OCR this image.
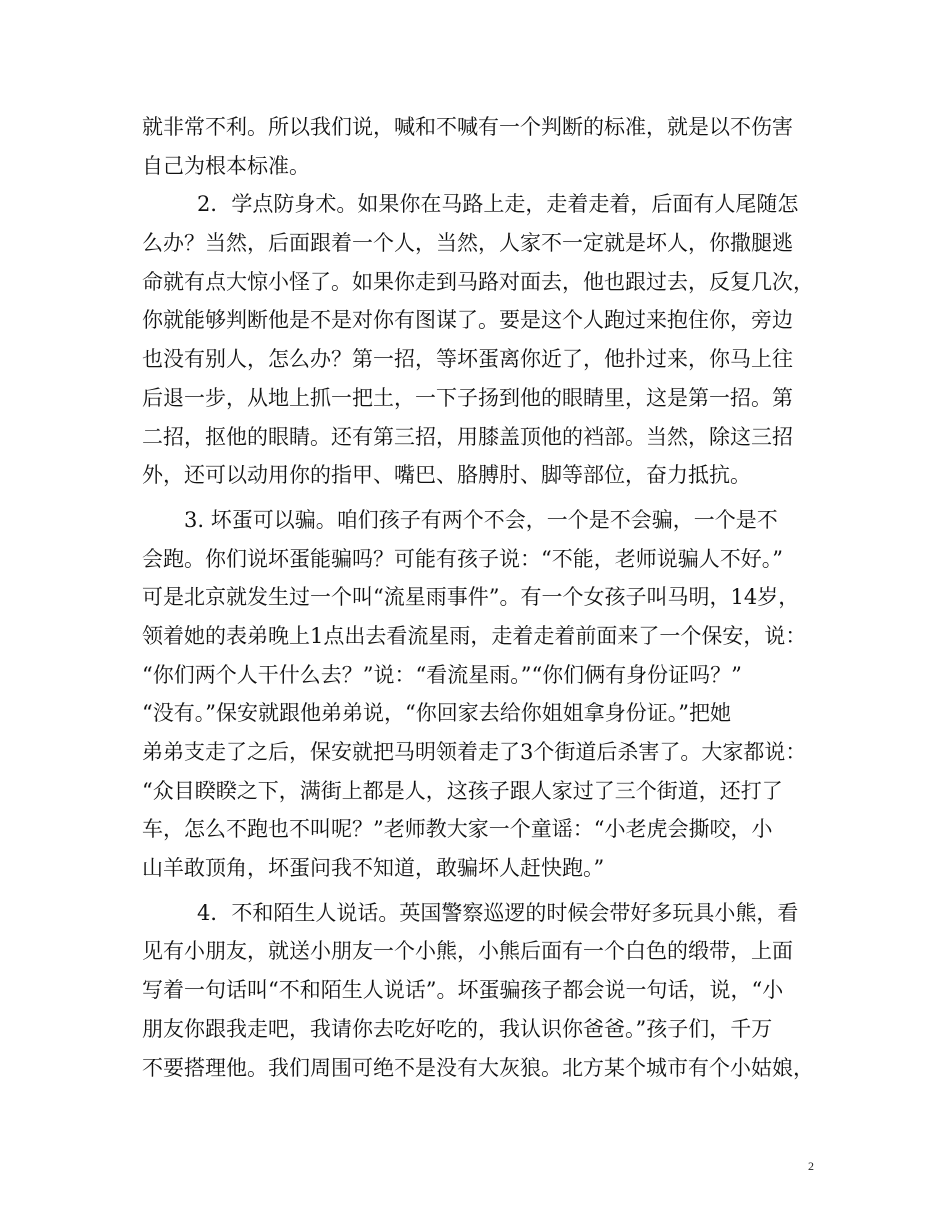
就非常不利。所以我们说，喊和不喊有一个判断的标准，就是以不伤害
自己为根本标准。
2．学点防身术。如果你在马路上走，走着走着，后面有人尾随怎
么办？当然，后面跟着一个人，当然，人家不一定就是坏人，你撒腿逃
命就有点大惊小怪了。如果你走到马路对面去，他也跟过去，反复几次，
你就能够判断他是不是对你有图谋了。要是这个人跑过来抱住你，旁边
也没有别人，怎么办？第一招，等坏蛋离你近了，他扑过来，你马上往
后退一步，从地上抓一把土，一下子扬到他的眼睛里，这是第一招。第
二招，抠他的眼睛。还有第三招，用膝盖顶他的裆部。当然，除这三招
外，还可以动用你的指甲、嘴巴、胳膊肘、脚等部位，奋力抵抗。
3. 坏蛋可以骗。咱们孩子有两个不会，一个是不会骗，一个是不
会跑。你们说坏蛋能骗吗？可能有孩子说：“不能，老师说骗人不好。”
可是北京就发生过一个叫“流星雨事件”。有一个女孩子叫马明，14岁，
领着她的表弟晚上1点出去看流星雨，走着走着前面来了一个保安，说：
“你们两个人干什么去？”说：“看流星雨。”“你们俩有身份证吗？”
“没有。”保安就跟他弟弟说，“你回家去给你姐姐拿身份证。”把她
弟弟支走了之后，保安就把马明领着走了3个街道后杀害了。大家都说：
“众目睽睽之下，满街上都是人，这孩子跟人家过了三个街道，还打了
车，怎么不跑也不叫呢？”老师教大家一个童谣：“小老虎会撕咬，小
山羊敢顶角，坏蛋问我不知道，敢骗坏人赶快跑。”
4．不和陌生人说话。英国警察巡逻的时候会带好多玩具小熊，看
见有小朋友，就送小朋友一个小熊，小熊后面有一个白色的缎带，上面
写着一句话叫“不和陌生人说话”。坏蛋骗孩子都会说一句话，说，“小
朋友你跟我走吧，我请你去吃好吃的，我认识你爸爸。”孩子们，千万
不要搭理他。我们周围可绝不是没有大灰狼。北方某个城市有个小姑娘，
2
